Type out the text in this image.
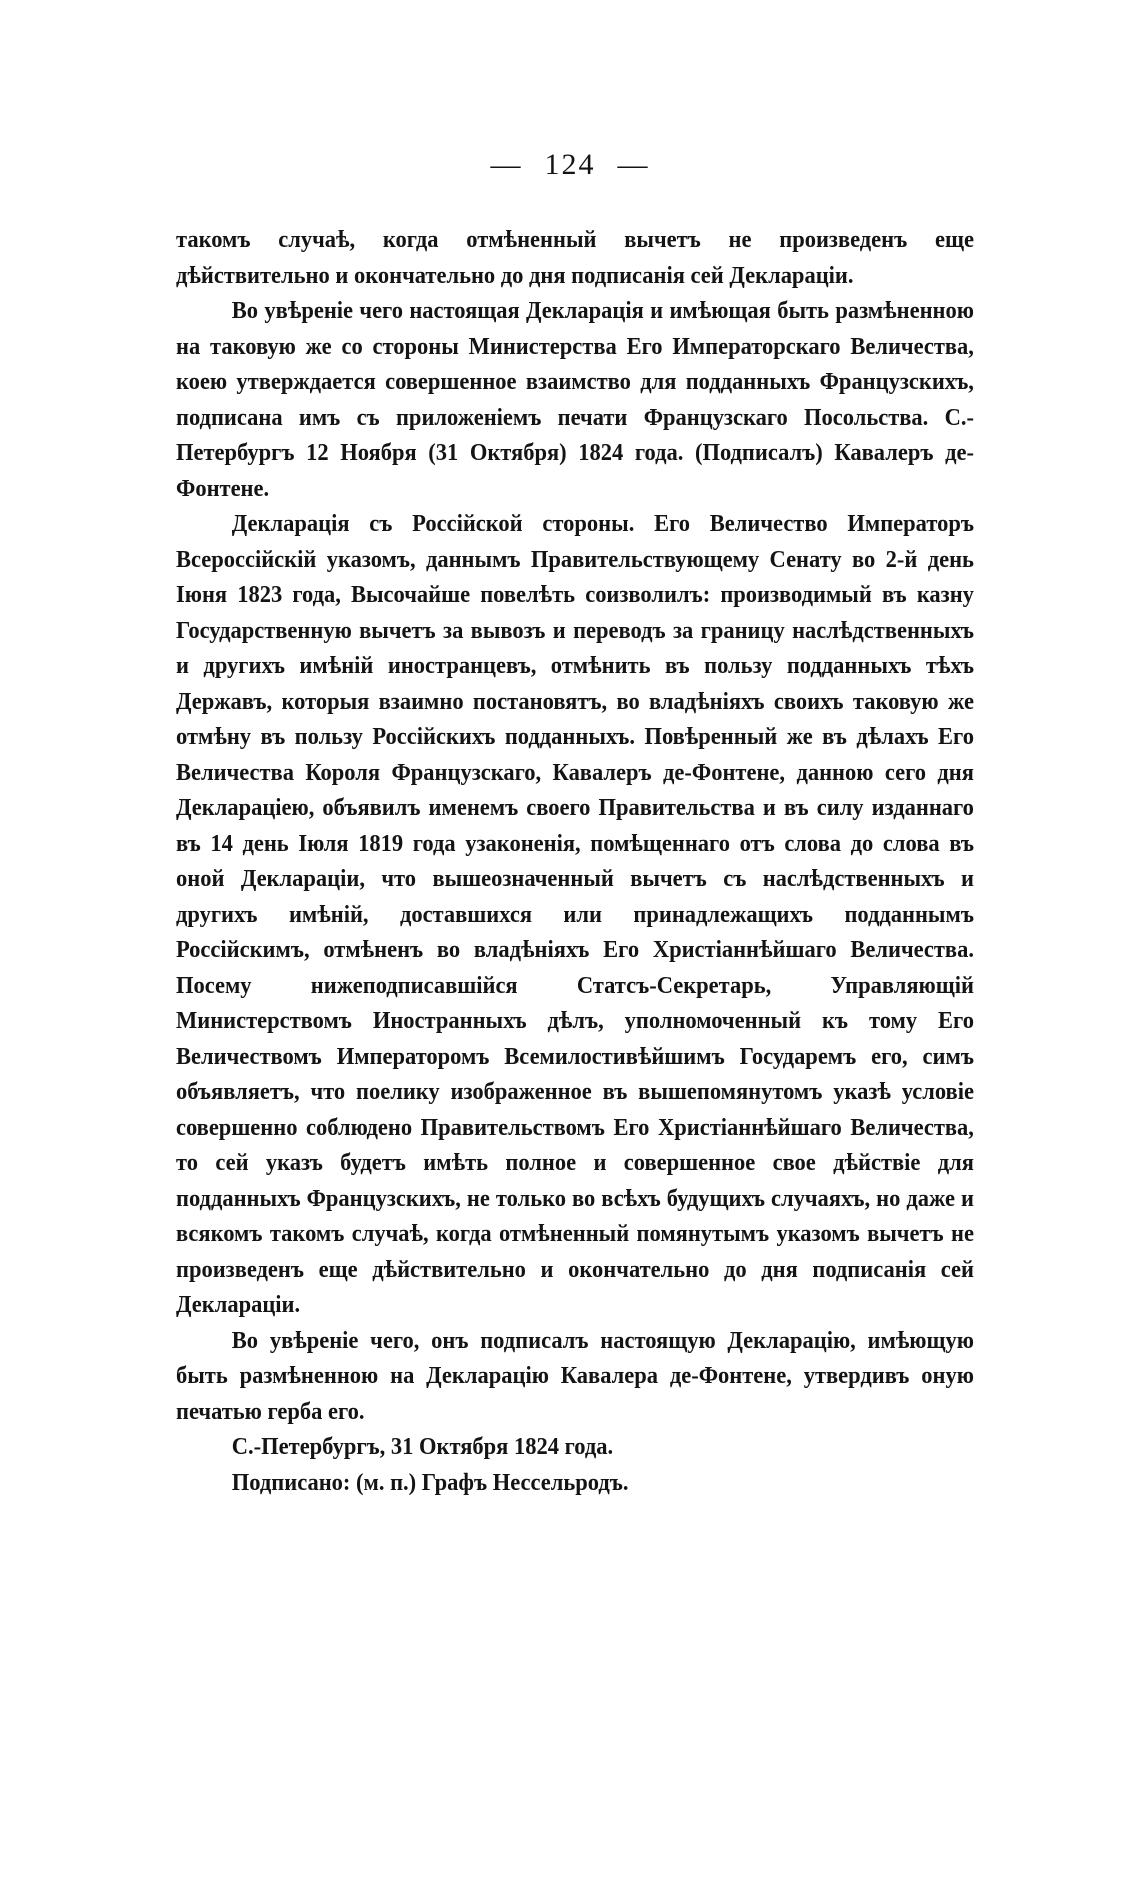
— 124 —

такомъ случаѣ, когда отмѣненный вычетъ не произведенъ еще дѣйствительно и окончательно до дня подписанія сей Декларацiи.

Во увѣреніе чего настоящая Декларація и имѣющая быть размѣненною на таковую же со стороны Министерства Его Императорскаго Величества, коею утверждается совершенное взаимство для подданныхъ Французскихъ, подписана имъ съ приложеніемъ печати Французскаго Посольства. С.-Петербургъ 12 Ноября (31 Октября) 1824 года. (Подписалъ) Кавалеръ де-Фонтене.

Декларація съ Россійской стороны. Его Величество Императоръ Всероссійскій указомъ, даннымъ Правительствующему Сенату во 2-й день Іюня 1823 года, Высочайше повелѣть соизволилъ: производимый въ казну Государственную вычетъ за вывозъ и переводъ за границу наслѣдственныхъ и другихъ имѣній иностранцевъ, отмѣнить въ пользу подданныхъ тѣхъ Державъ, которыя взаимно постановятъ, во владѣніяхъ своихъ таковую же отмѣну въ пользу Россійскихъ подданныхъ. Повѣренный же въ дѣлахъ Его Величества Короля Французскаго, Кавалеръ де-Фонтене, данною сего дня Деклараціею, объявилъ именемъ своего Правительства и въ силу изданнаго въ 14 день Іюля 1819 года узаконенія, помѣщеннаго отъ слова до слова въ оной Деклараціи, что вышеозначенный вычетъ съ наслѣдственныхъ и другихъ имѣній, доставшихся или принадлежащихъ подданнымъ Россійскимъ, отмѣненъ во владѣніяхъ Его Христіаннѣйшаго Величества. Посему нижеподписавшійся Статсъ-Секретарь, Управляющій Министерствомъ Иностранныхъ дѣлъ, уполномоченный къ тому Его Величествомъ Императоромъ Всемилостивѣйшимъ Государемъ его, симъ объявляетъ, что поелику изображенное въ вышепомянутомъ указѣ условіе совершенно соблюдено Правительствомъ Его Христіаннѣйшаго Величества, то сей указъ будетъ имѣть полное и совершенное свое дѣйствіе для подданныхъ Французскихъ, не только во всѣхъ будущихъ случаяхъ, но даже и всякомъ такомъ случаѣ, когда отмѣненный помянутымъ указомъ вычетъ не произведенъ еще дѣйствительно и окончательно до дня подписанія сей Деклараціи.

Во увѣреніе чего, онъ подписалъ настоящую Декларацію, имѣющую быть размѣненною на Декларацію Кавалера де-Фонтене, утвердивъ оную печатью герба его.

С.-Петербургъ, 31 Октября 1824 года.

Подписано: (м. п.) Графъ Нессельродъ.
